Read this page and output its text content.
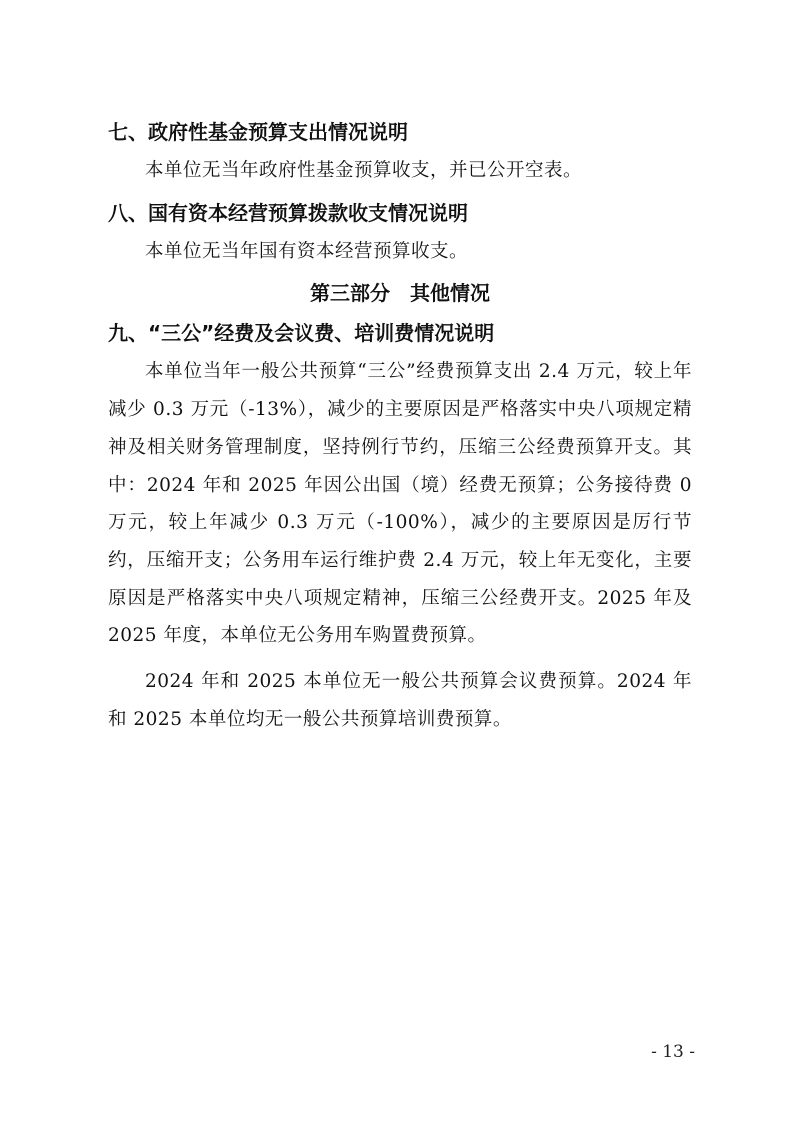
七、政府性基金预算支出情况说明

本单位无当年政府性基金预算收支，并已公开空表。

八、国有资本经营预算拨款收支情况说明

本单位无当年国有资本经营预算收支。

第三部分　其他情况
九、“三公”经费及会议费、培训费情况说明

本单位当年一般公共预算“三公”经费预算支出 2.4 万元，较上年减少 0.3 万元（-13%），减少的主要原因是严格落实中央八项规定精神及相关财务管理制度，坚持例行节约，压缩三公经费预算开支。其中：2024 年和 2025 年因公出国（境）经费无预算；公务接待费 0 万元，较上年减少 0.3 万元（-100%），减少的主要原因是厉行节约，压缩开支；公务用车运行维护费 2.4 万元，较上年无变化，主要原因是严格落实中央八项规定精神，压缩三公经费开支。2025 年及 2025 年度，本单位无公务用车购置费预算。

2024 年和 2025 本单位无一般公共预算会议费预算。2024 年和 2025 本单位均无一般公共预算培训费预算。

- 13 -
